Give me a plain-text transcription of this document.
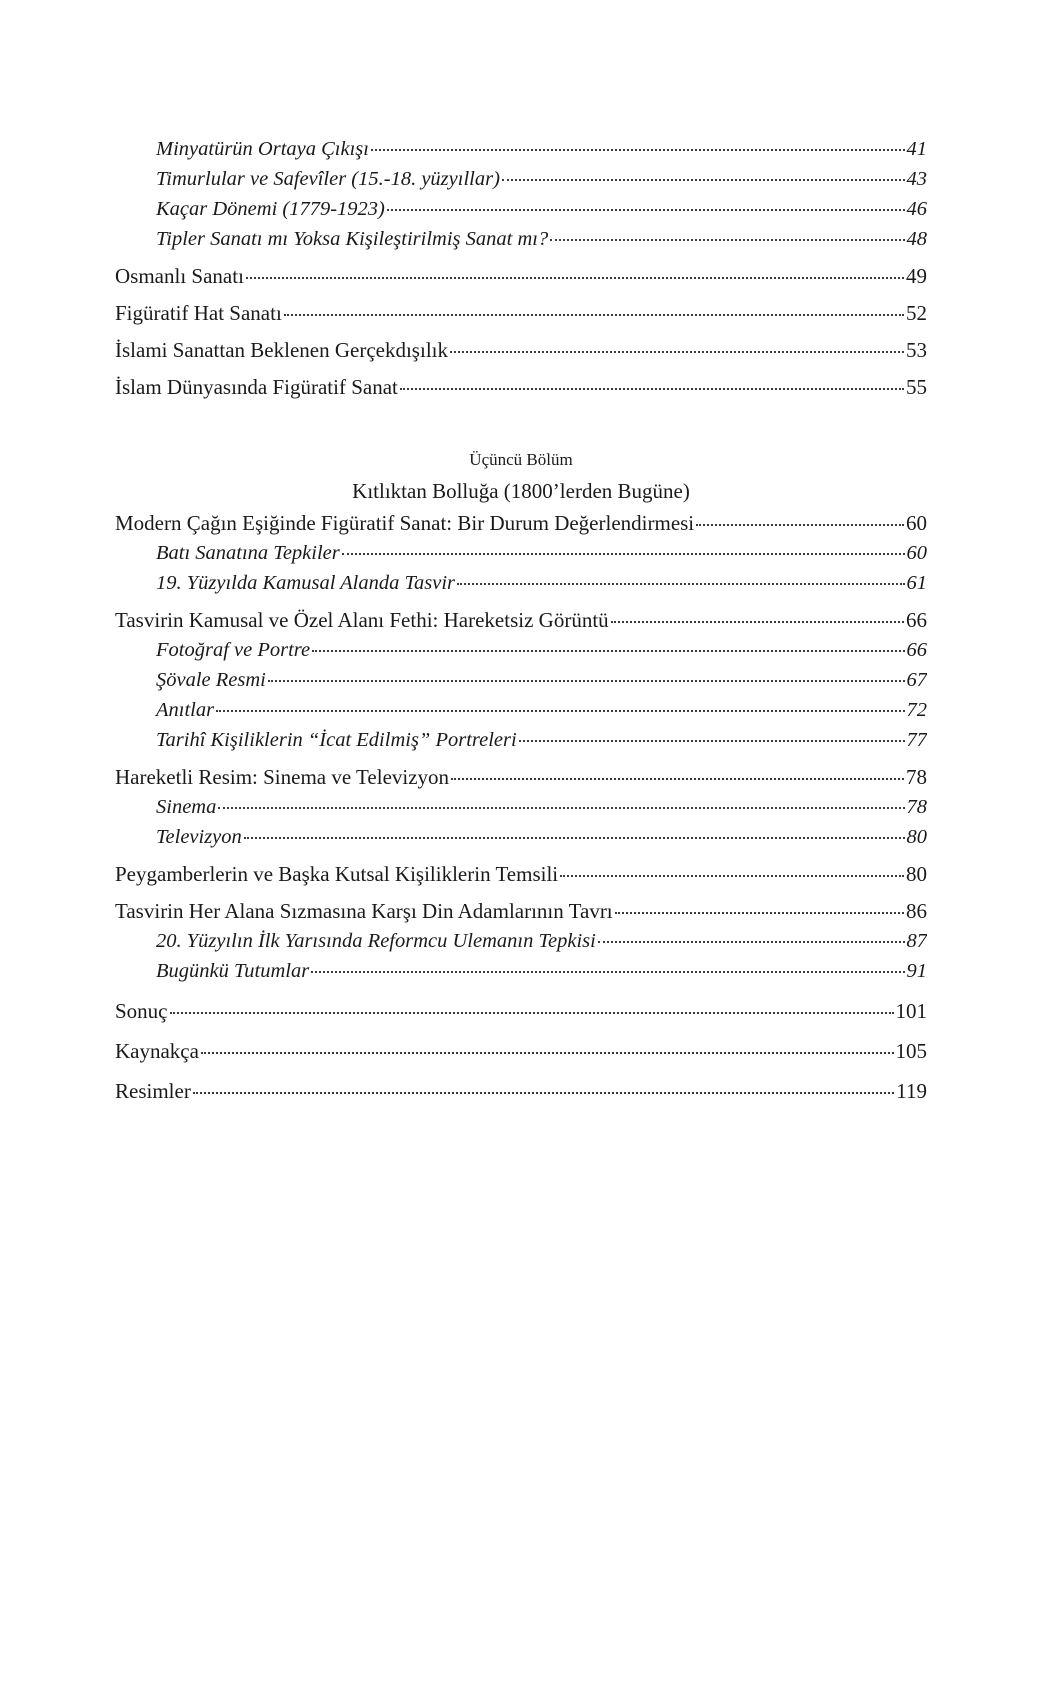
Minyatürün Ortaya Çıkışı	41
Timurlular ve Safevîler (15.-18. yüzyıllar)	43
Kaçar Dönemi (1779-1923)	46
Tipler Sanatı mı Yoksa Kişileştirilmiş Sanat mı?	48
Osmanlı Sanatı	49
Figüratif Hat Sanatı	52
İslami Sanattan Beklenen Gerçekdışılık	53
İslam Dünyasında Figüratif Sanat	55
Üçüncü Bölüm
Kıtlıktan Bolluğa (1800’lerden Bugüne)
Modern Çağın Eşiğinde Figüratif Sanat: Bir Durum Değerlendirmesi	60
Batı Sanatına Tepkiler	60
19. Yüzyılda Kamusal Alanda Tasvir	61
Tasvirin Kamusal ve Özel Alanı Fethi: Hareketsiz Görüntü	66
Fotoğraf ve Portre	66
Şövale Resmi	67
Anıtlar	72
Tarihî Kişiliklerin “İcat Edilmiş” Portreleri	77
Hareketli Resim: Sinema ve Televizyon	78
Sinema	78
Televizyon	80
Peygamberlerin ve Başka Kutsal Kişiliklerin Temsili	80
Tasvirin Her Alana Sızmasına Karşı Din Adamlarının Tavrı	86
20. Yüzyılın İlk Yarısında Reformcu Ulemanın Tepkisi	87
Bugünkü Tutumlar	91
Sonuç	101
Kaynakça	105
Resimler	119
